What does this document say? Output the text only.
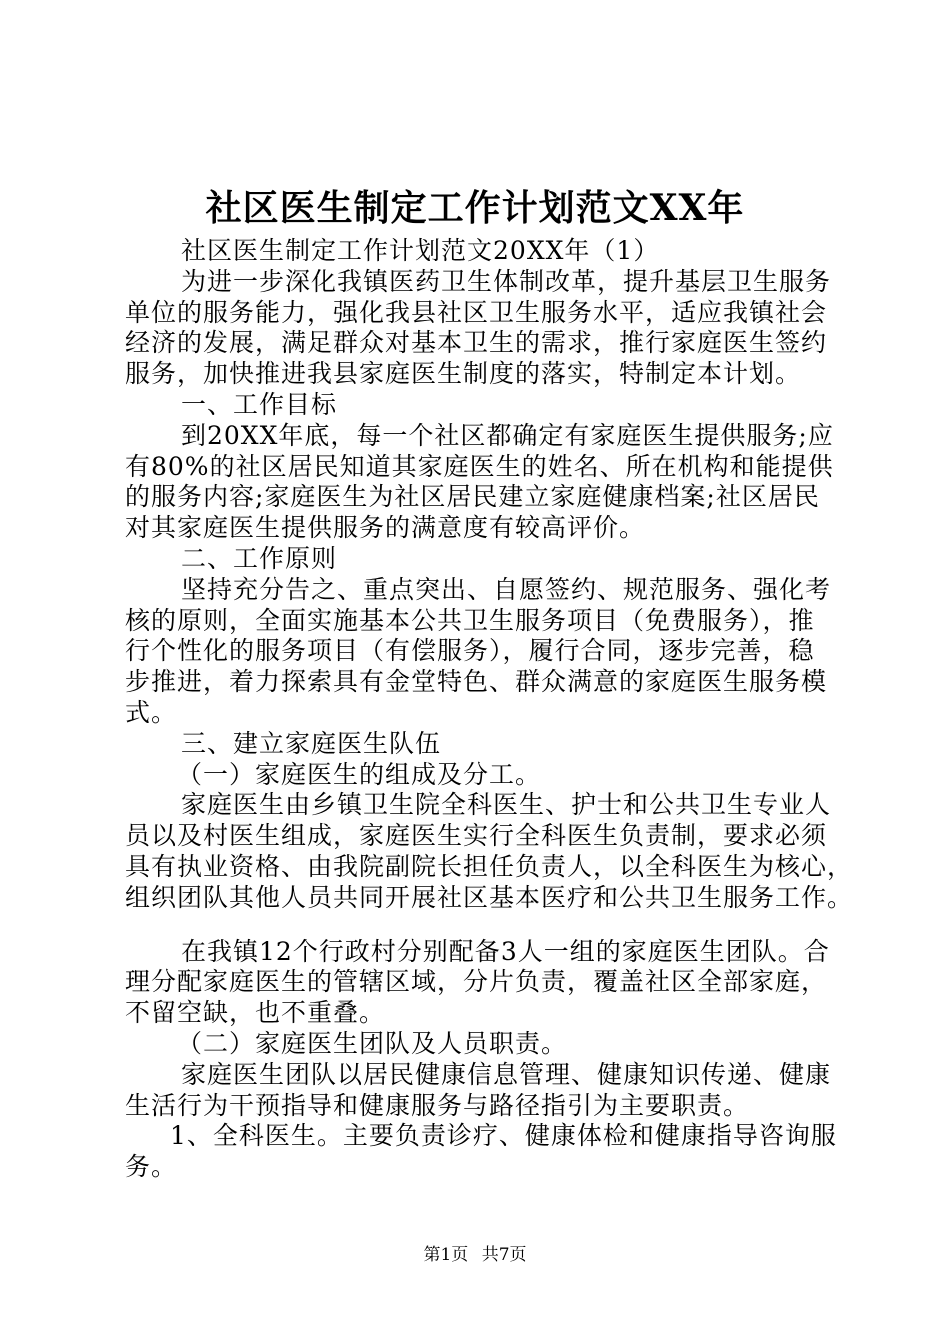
社区医生制定工作计划范文XX年
社区医生制定工作计划范文20XX年（1）
为进一步深化我镇医药卫生体制改革，提升基层卫生服务
单位的服务能力，强化我县社区卫生服务水平，适应我镇社会
经济的发展，满足群众对基本卫生的需求，推行家庭医生签约
服务，加快推进我县家庭医生制度的落实，特制定本计划。
一、工作目标
到20XX年底，每一个社区都确定有家庭医生提供服务;应
有80%的社区居民知道其家庭医生的姓名、所在机构和能提供
的服务内容;家庭医生为社区居民建立家庭健康档案;社区居民
对其家庭医生提供服务的满意度有较高评价。
二、工作原则
坚持充分告之、重点突出、自愿签约、规范服务、强化考
核的原则，全面实施基本公共卫生服务项目（免费服务），推
行个性化的服务项目（有偿服务），履行合同，逐步完善，稳
步推进，着力探索具有金堂特色、群众满意的家庭医生服务模
式。
三、建立家庭医生队伍
（一）家庭医生的组成及分工。
家庭医生由乡镇卫生院全科医生、护士和公共卫生专业人
员以及村医生组成，家庭医生实行全科医生负责制，要求必须
具有执业资格、由我院副院长担任负责人，以全科医生为核心，
组织团队其他人员共同开展社区基本医疗和公共卫生服务工作。
在我镇12个行政村分别配备3人一组的家庭医生团队。合
理分配家庭医生的管辖区域，分片负责，覆盖社区全部家庭，
不留空缺，也不重叠。
（二）家庭医生团队及人员职责。
家庭医生团队以居民健康信息管理、健康知识传递、健康
生活行为干预指导和健康服务与路径指引为主要职责。
1、全科医生。主要负责诊疗、健康体检和健康指导咨询服
务。
第1页 共7页
